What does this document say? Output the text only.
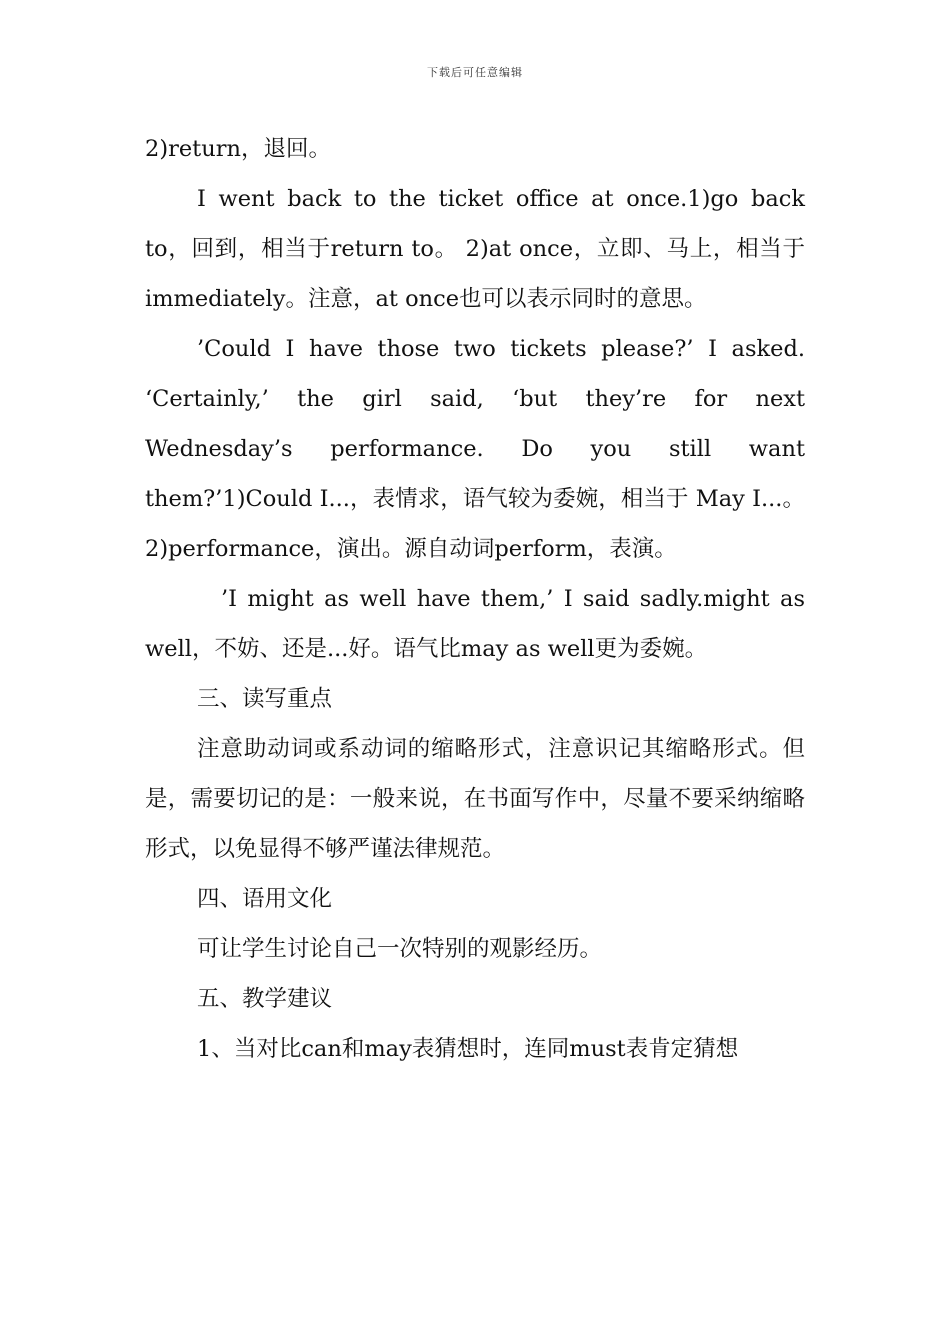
下载后可任意编辑

2)return，退回。

I went back to the ticket office at once.1)go back to，回到，相当于return to。 2)at once，立即、马上，相当于immediately。注意，at once也可以表示同时的意思。

’Could I have those two tickets please?’ I asked. ‘Certainly,’ the girl said, ‘but they’re for next Wednesday’s performance. Do you still want them?’1)Could I...，表情求，语气较为委婉，相当于 May I...。 2)performance，演出。源自动词perform，表演。

’I might as well have them,’ I said sadly.might as well，不妨、还是...好。语气比may as well更为委婉。

三、读写重点

注意助动词或系动词的缩略形式，注意识记其缩略形式。但是，需要切记的是：一般来说，在书面写作中，尽量不要采纳缩略形式，以免显得不够严谨法律规范。

四、语用文化

可让学生讨论自己一次特别的观影经历。

五、教学建议

1、当对比can和may表猜想时，连同must表肯定猜想
